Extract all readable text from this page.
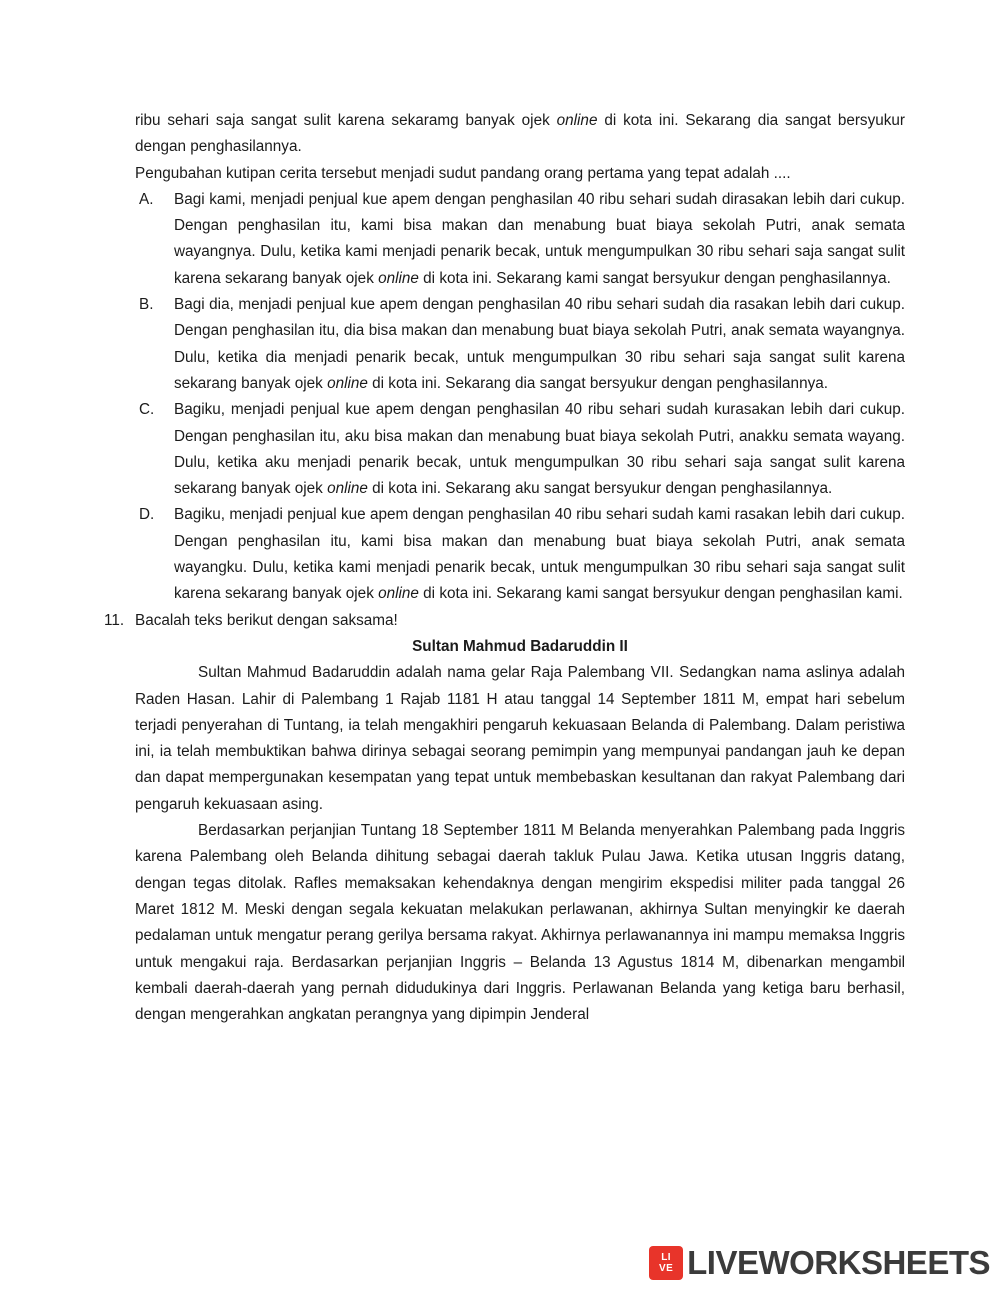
ribu sehari saja sangat sulit karena sekaramg banyak ojek online di kota ini. Sekarang dia sangat bersyukur dengan penghasilannya.

Pengubahan kutipan cerita tersebut menjadi sudut pandang orang pertama yang tepat adalah ....

A.	Bagi kami, menjadi penjual kue apem dengan penghasilan 40 ribu sehari sudah dirasakan lebih dari cukup. Dengan penghasilan itu, kami bisa makan dan menabung buat biaya sekolah Putri, anak semata wayangnya. Dulu, ketika kami menjadi penarik becak, untuk mengumpulkan 30 ribu sehari saja sangat sulit karena sekarang banyak ojek online di kota ini. Sekarang kami sangat bersyukur dengan penghasilannya.
B.	Bagi dia, menjadi penjual kue apem dengan penghasilan 40 ribu sehari sudah dia rasakan lebih dari cukup. Dengan penghasilan itu, dia bisa makan dan menabung buat biaya sekolah Putri, anak semata wayangnya. Dulu, ketika dia menjadi penarik becak, untuk mengumpulkan 30 ribu sehari saja sangat sulit karena sekarang banyak ojek online di kota ini. Sekarang dia sangat bersyukur dengan penghasilannya.
C.	Bagiku, menjadi penjual kue apem dengan penghasilan 40 ribu sehari sudah kurasakan lebih dari cukup. Dengan penghasilan itu, aku bisa makan dan menabung buat biaya sekolah Putri, anakku semata wayang. Dulu, ketika aku menjadi penarik becak, untuk mengumpulkan 30 ribu sehari saja sangat sulit karena sekarang banyak ojek online di kota ini. Sekarang aku sangat bersyukur dengan penghasilannya.
D.	Bagiku, menjadi penjual kue apem dengan penghasilan 40 ribu sehari sudah kami rasakan lebih dari cukup. Dengan penghasilan itu, kami bisa makan dan menabung buat biaya sekolah Putri, anak semata wayangku. Dulu, ketika kami menjadi penarik becak, untuk mengumpulkan 30 ribu sehari saja sangat sulit karena sekarang banyak ojek online di kota ini. Sekarang kami sangat bersyukur dengan penghasilan kami.
11. Bacalah teks berikut dengan saksama!

Sultan Mahmud Badaruddin II

Sultan Mahmud Badaruddin adalah nama gelar Raja Palembang VII. Sedangkan nama aslinya adalah Raden Hasan. Lahir di Palembang 1 Rajab 1181 H atau tanggal 14 September 1811 M, empat hari sebelum terjadi penyerahan di Tuntang, ia telah mengakhiri pengaruh kekuasaan Belanda di Palembang. Dalam peristiwa ini, ia telah membuktikan bahwa dirinya sebagai seorang pemimpin yang mempunyai pandangan jauh ke depan dan dapat mempergunakan kesempatan yang tepat untuk membebaskan kesultanan dan rakyat Palembang dari pengaruh kekuasaan asing.

Berdasarkan perjanjian Tuntang 18 September 1811 M Belanda menyerahkan Palembang pada Inggris karena Palembang oleh Belanda dihitung sebagai daerah takluk Pulau Jawa. Ketika utusan Inggris datang, dengan tegas ditolak. Rafles memaksakan kehendaknya dengan mengirim ekspedisi militer pada tanggal 26 Maret 1812 M. Meski dengan segala kekuatan melakukan perlawanan, akhirnya Sultan menyingkir ke daerah pedalaman untuk mengatur perang gerilya bersama rakyat. Akhirnya perlawanannya ini mampu memaksa Inggris untuk mengakui raja. Berdasarkan perjanjian Inggris – Belanda 13 Agustus 1814 M, dibenarkan mengambil kembali daerah-daerah yang pernah didudukinya dari Inggris. Perlawanan Belanda yang ketiga baru berhasil, dengan mengerahkan angkatan perangnya yang dipimpin Jenderal

LI
VE LIVEWORKSHEETS
